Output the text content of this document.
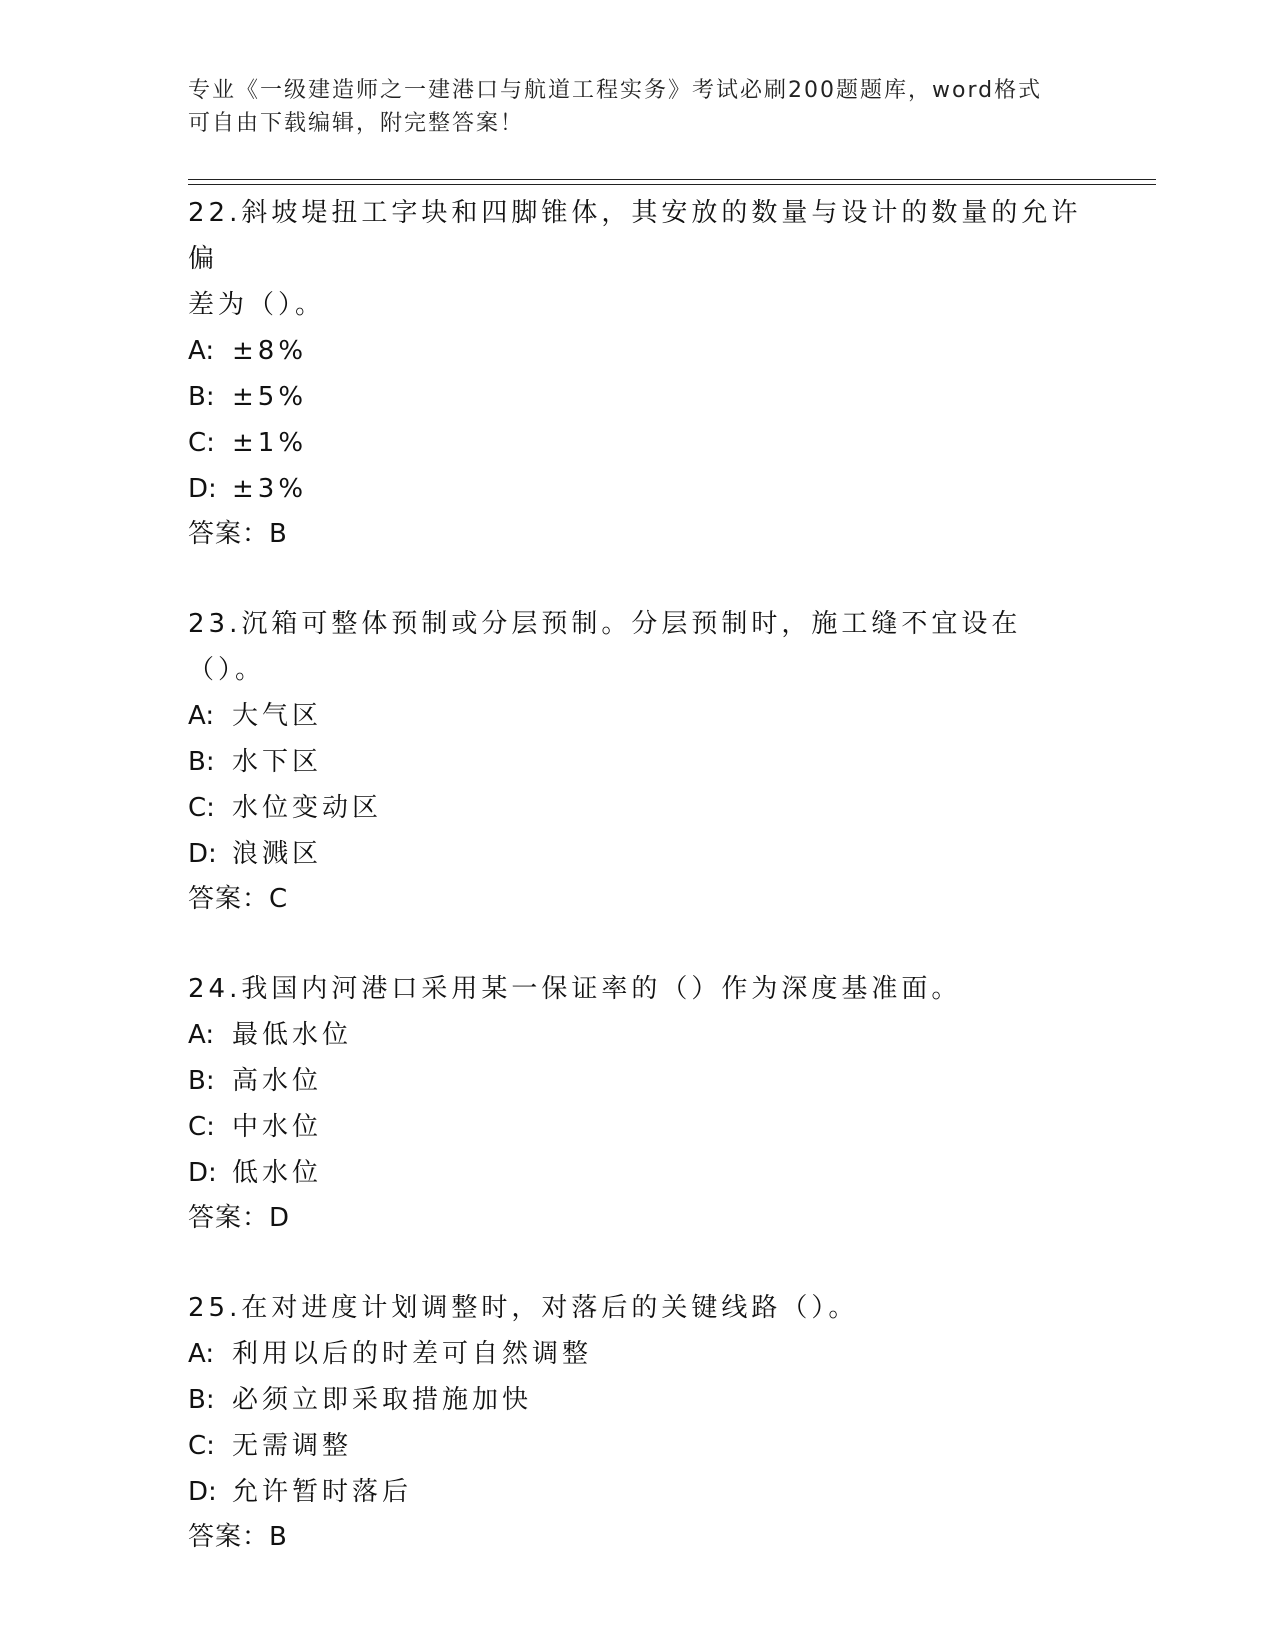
专业《一级建造师之一建港口与航道工程实务》考试必刷200题题库，word格式
可自由下载编辑，附完整答案！
22.斜坡堤扭工字块和四脚锥体，其安放的数量与设计的数量的允许偏
差为（）。
A: ±8%
B: ±5%
C: ±1%
D: ±3%
答案：B
23.沉箱可整体预制或分层预制。分层预制时，施工缝不宜设在（）。
A: 大气区
B: 水下区
C: 水位变动区
D: 浪溅区
答案：C
24.我国内河港口采用某一保证率的（）作为深度基准面。
A: 最低水位
B: 高水位
C: 中水位
D: 低水位
答案：D
25.在对进度计划调整时，对落后的关键线路（）。
A: 利用以后的时差可自然调整
B: 必须立即采取措施加快
C: 无需调整
D: 允许暂时落后
答案：B
